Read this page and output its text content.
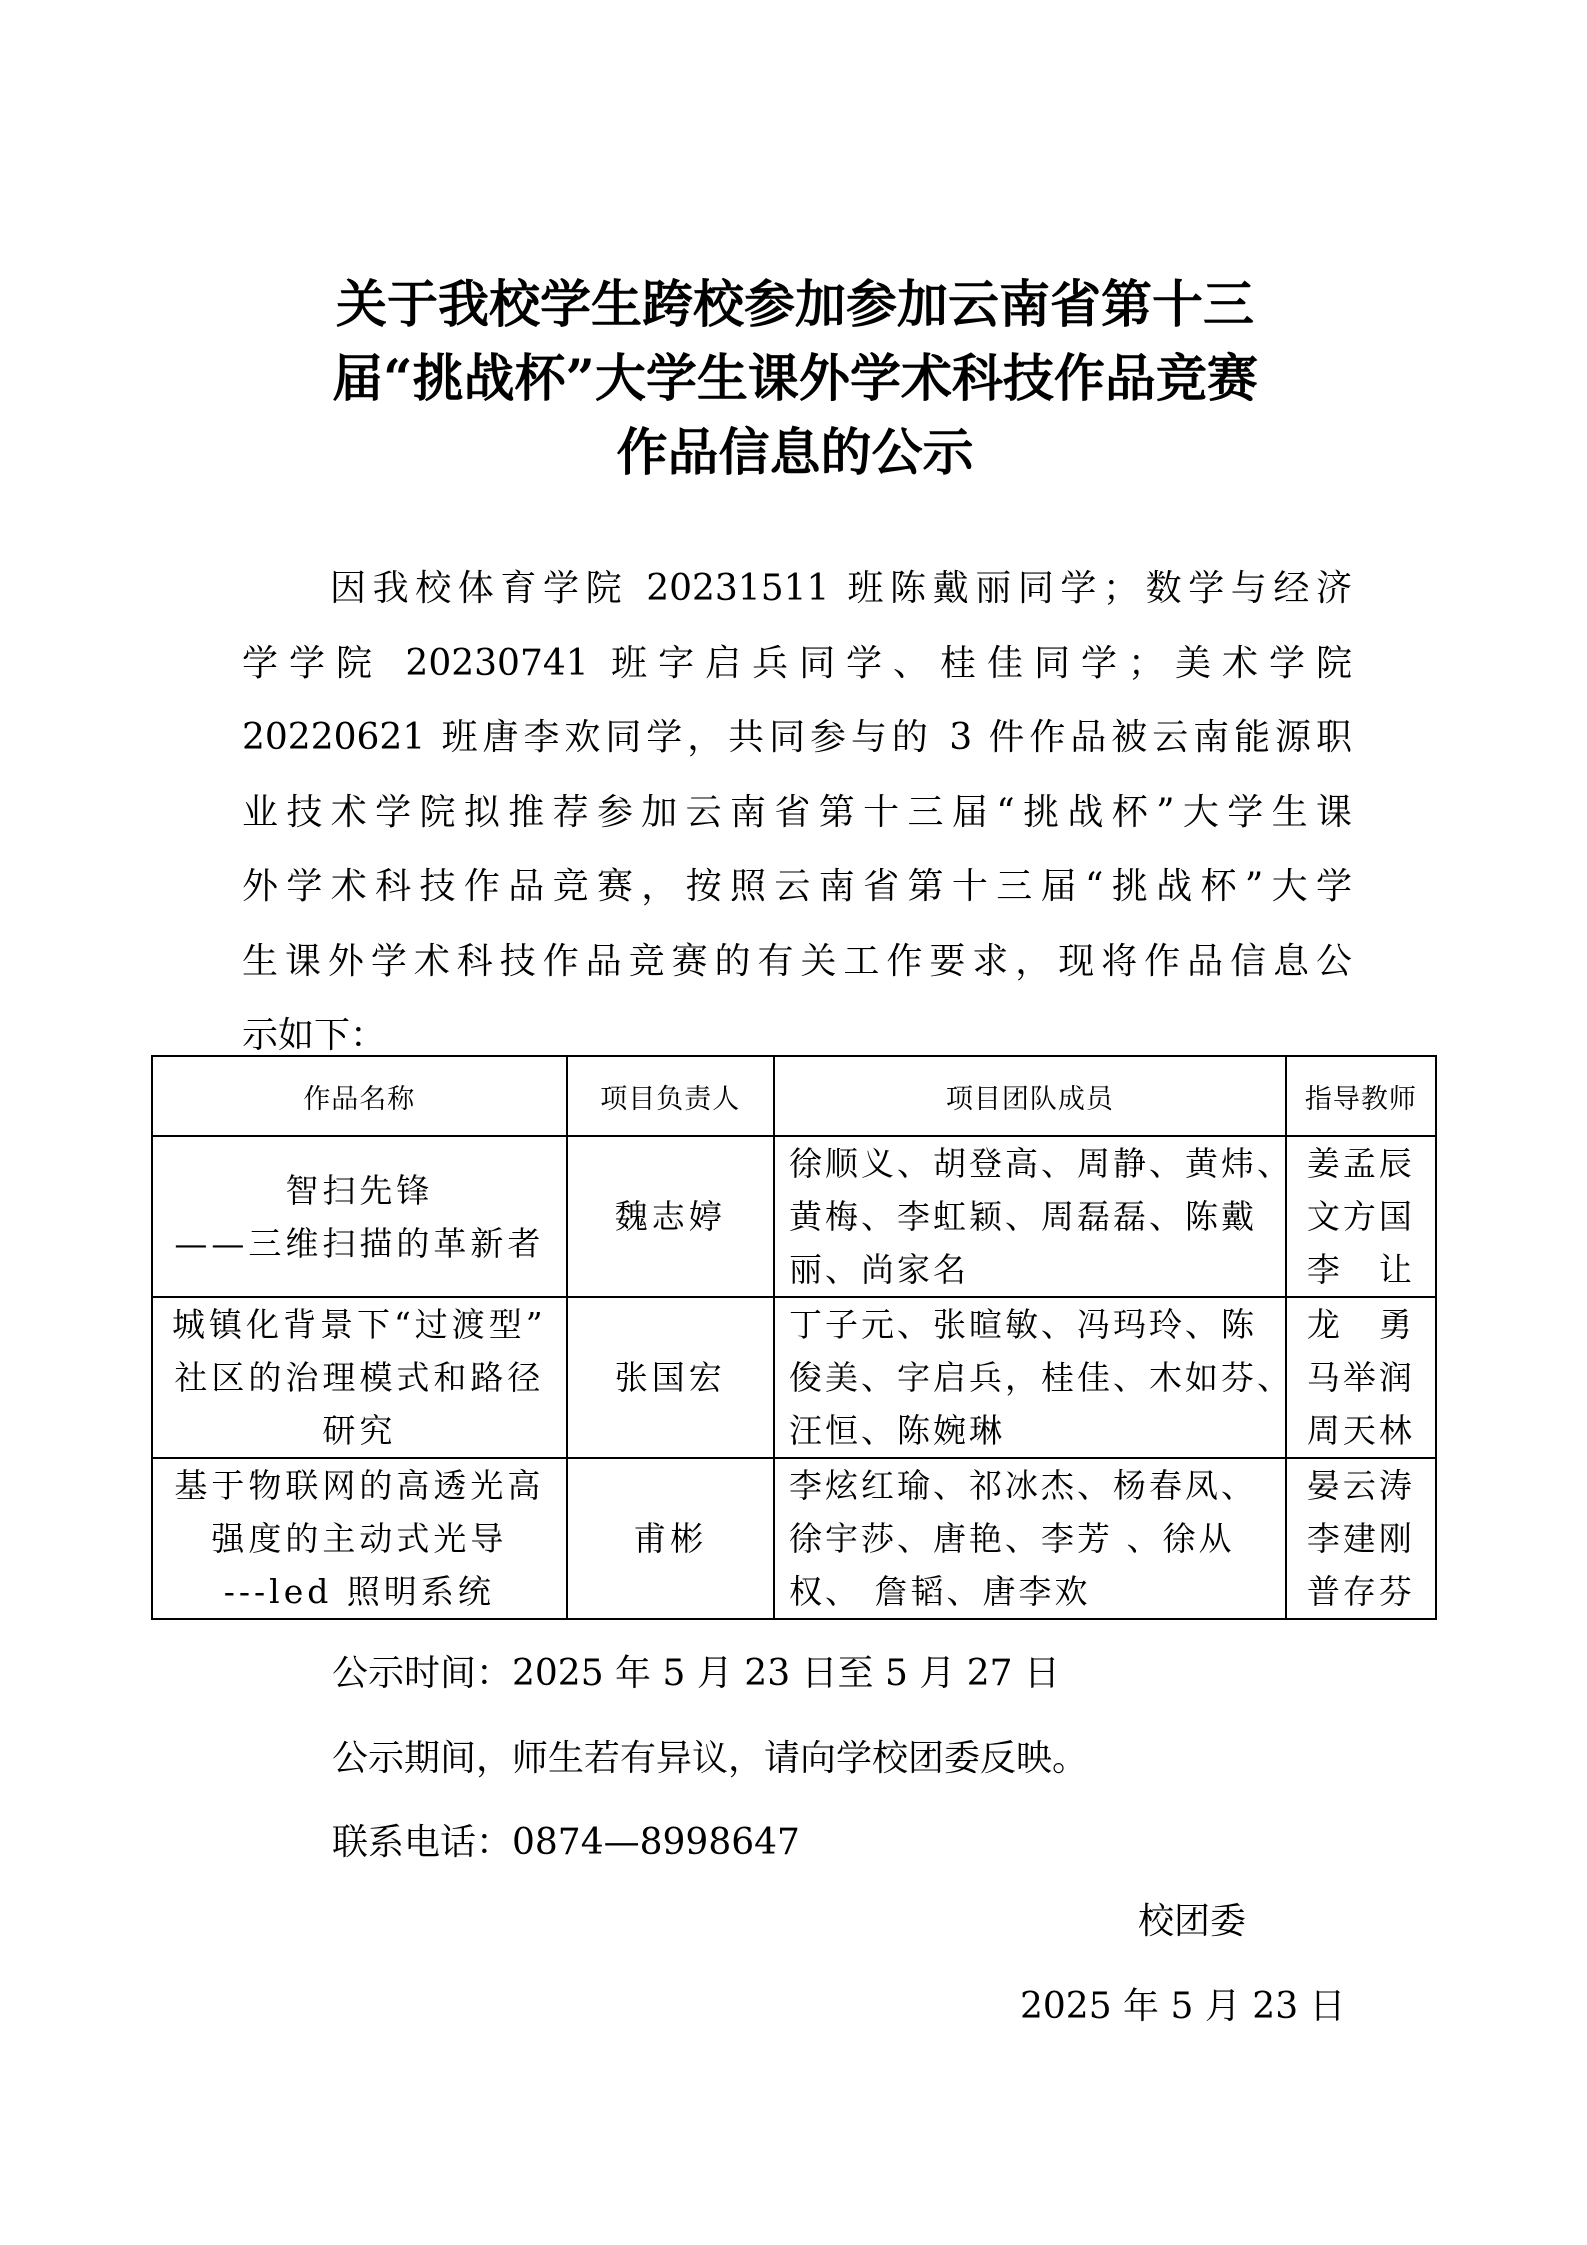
关于我校学生跨校参加参加云南省第十三
届“挑战杯”大学生课外学术科技作品竞赛
作品信息的公示
因我校体育学院 20231511 班陈戴丽同学；数学与经济
学学院 20230741 班字启兵同学、桂佳同学；美术学院
20220621 班唐李欢同学，共同参与的 3 件作品被云南能源职
业技术学院拟推荐参加云南省第十三届“挑战杯”大学生课
外学术科技作品竞赛，按照云南省第十三届“挑战杯”大学
生课外学术科技作品竞赛的有关工作要求，现将作品信息公
示如下：
作品名称	项目负责人	项目团队成员	指导教师

智扫先锋
——三维扫描的革新者	魏志婷	徐顺义、胡登高、周静、黄炜、
黄梅、李虹颖、周磊磊、陈戴
丽、尚家名	姜孟辰
文方国
李　让

城镇化背景下“过渡型”
社区的治理模式和路径
研究	张国宏	丁子元、张暄敏、冯玛玲、陈
俊美、字启兵，桂佳、木如芬、
汪恒、陈婉琳	龙　勇
马举润
周天林

基于物联网的高透光高
强度的主动式光导
---led 照明系统	甫彬	李炫红瑜、祁冰杰、杨春凤、
徐宇莎、唐艳、李芳 、徐从
权、 詹韬、唐李欢	晏云涛
李建刚
普存芬
公示时间：2025 年 5 月 23 日至 5 月 27 日
公示期间，师生若有异议，请向学校团委反映。
联系电话：0874—8998647
校团委
2025 年 5 月 23 日
